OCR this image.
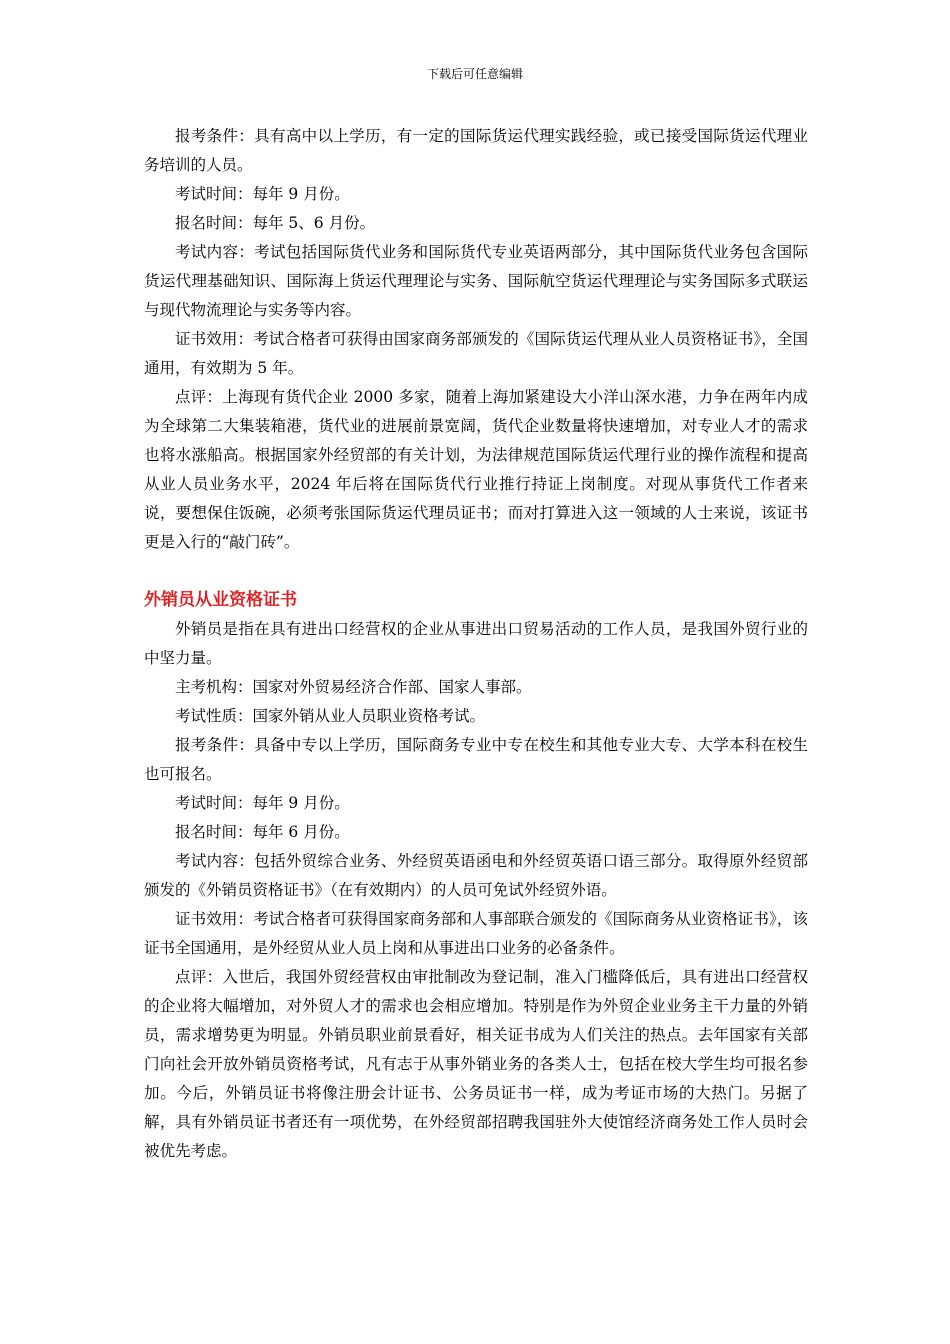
下载后可任意编辑

报考条件：具有高中以上学历，有一定的国际货运代理实践经验，或已接受国际货运代理业务培训的人员。

考试时间：每年 9 月份。

报名时间：每年 5、6 月份。

考试内容：考试包括国际货代业务和国际货代专业英语两部分，其中国际货代业务包含国际货运代理基础知识、国际海上货运代理理论与实务、国际航空货运代理理论与实务国际多式联运与现代物流理论与实务等内容。

证书效用：考试合格者可获得由国家商务部颁发的《国际货运代理从业人员资格证书》，全国通用，有效期为 5 年。

点评：上海现有货代企业 2000 多家，随着上海加紧建设大小洋山深水港，力争在两年内成为全球第二大集装箱港，货代业的进展前景宽阔，货代企业数量将快速增加，对专业人才的需求也将水涨船高。根据国家外经贸部的有关计划，为法律规范国际货运代理行业的操作流程和提高从业人员业务水平，2024 年后将在国际货代行业推行持证上岗制度。对现从事货代工作者来说，要想保住饭碗，必须考张国际货运代理员证书；而对打算进入这一领域的人士来说，该证书更是入行的“敲门砖”。

外销员从业资格证书

外销员是指在具有进出口经营权的企业从事进出口贸易活动的工作人员，是我国外贸行业的中坚力量。

主考机构：国家对外贸易经济合作部、国家人事部。

考试性质：国家外销从业人员职业资格考试。

报考条件：具备中专以上学历，国际商务专业中专在校生和其他专业大专、大学本科在校生也可报名。

考试时间：每年 9 月份。

报名时间：每年 6 月份。

考试内容：包括外贸综合业务、外经贸英语函电和外经贸英语口语三部分。取得原外经贸部颁发的《外销员资格证书》（在有效期内）的人员可免试外经贸外语。

证书效用：考试合格者可获得国家商务部和人事部联合颁发的《国际商务从业资格证书》，该证书全国通用，是外经贸从业人员上岗和从事进出口业务的必备条件。

点评：入世后，我国外贸经营权由审批制改为登记制，准入门槛降低后，具有进出口经营权的企业将大幅增加，对外贸人才的需求也会相应增加。特别是作为外贸企业业务主干力量的外销员，需求增势更为明显。外销员职业前景看好，相关证书成为人们关注的热点。去年国家有关部门向社会开放外销员资格考试，凡有志于从事外销业务的各类人士，包括在校大学生均可报名参加。今后，外销员证书将像注册会计证书、公务员证书一样，成为考证市场的大热门。另据了解，具有外销员证书者还有一项优势，在外经贸部招聘我国驻外大使馆经济商务处工作人员时会被优先考虑。
